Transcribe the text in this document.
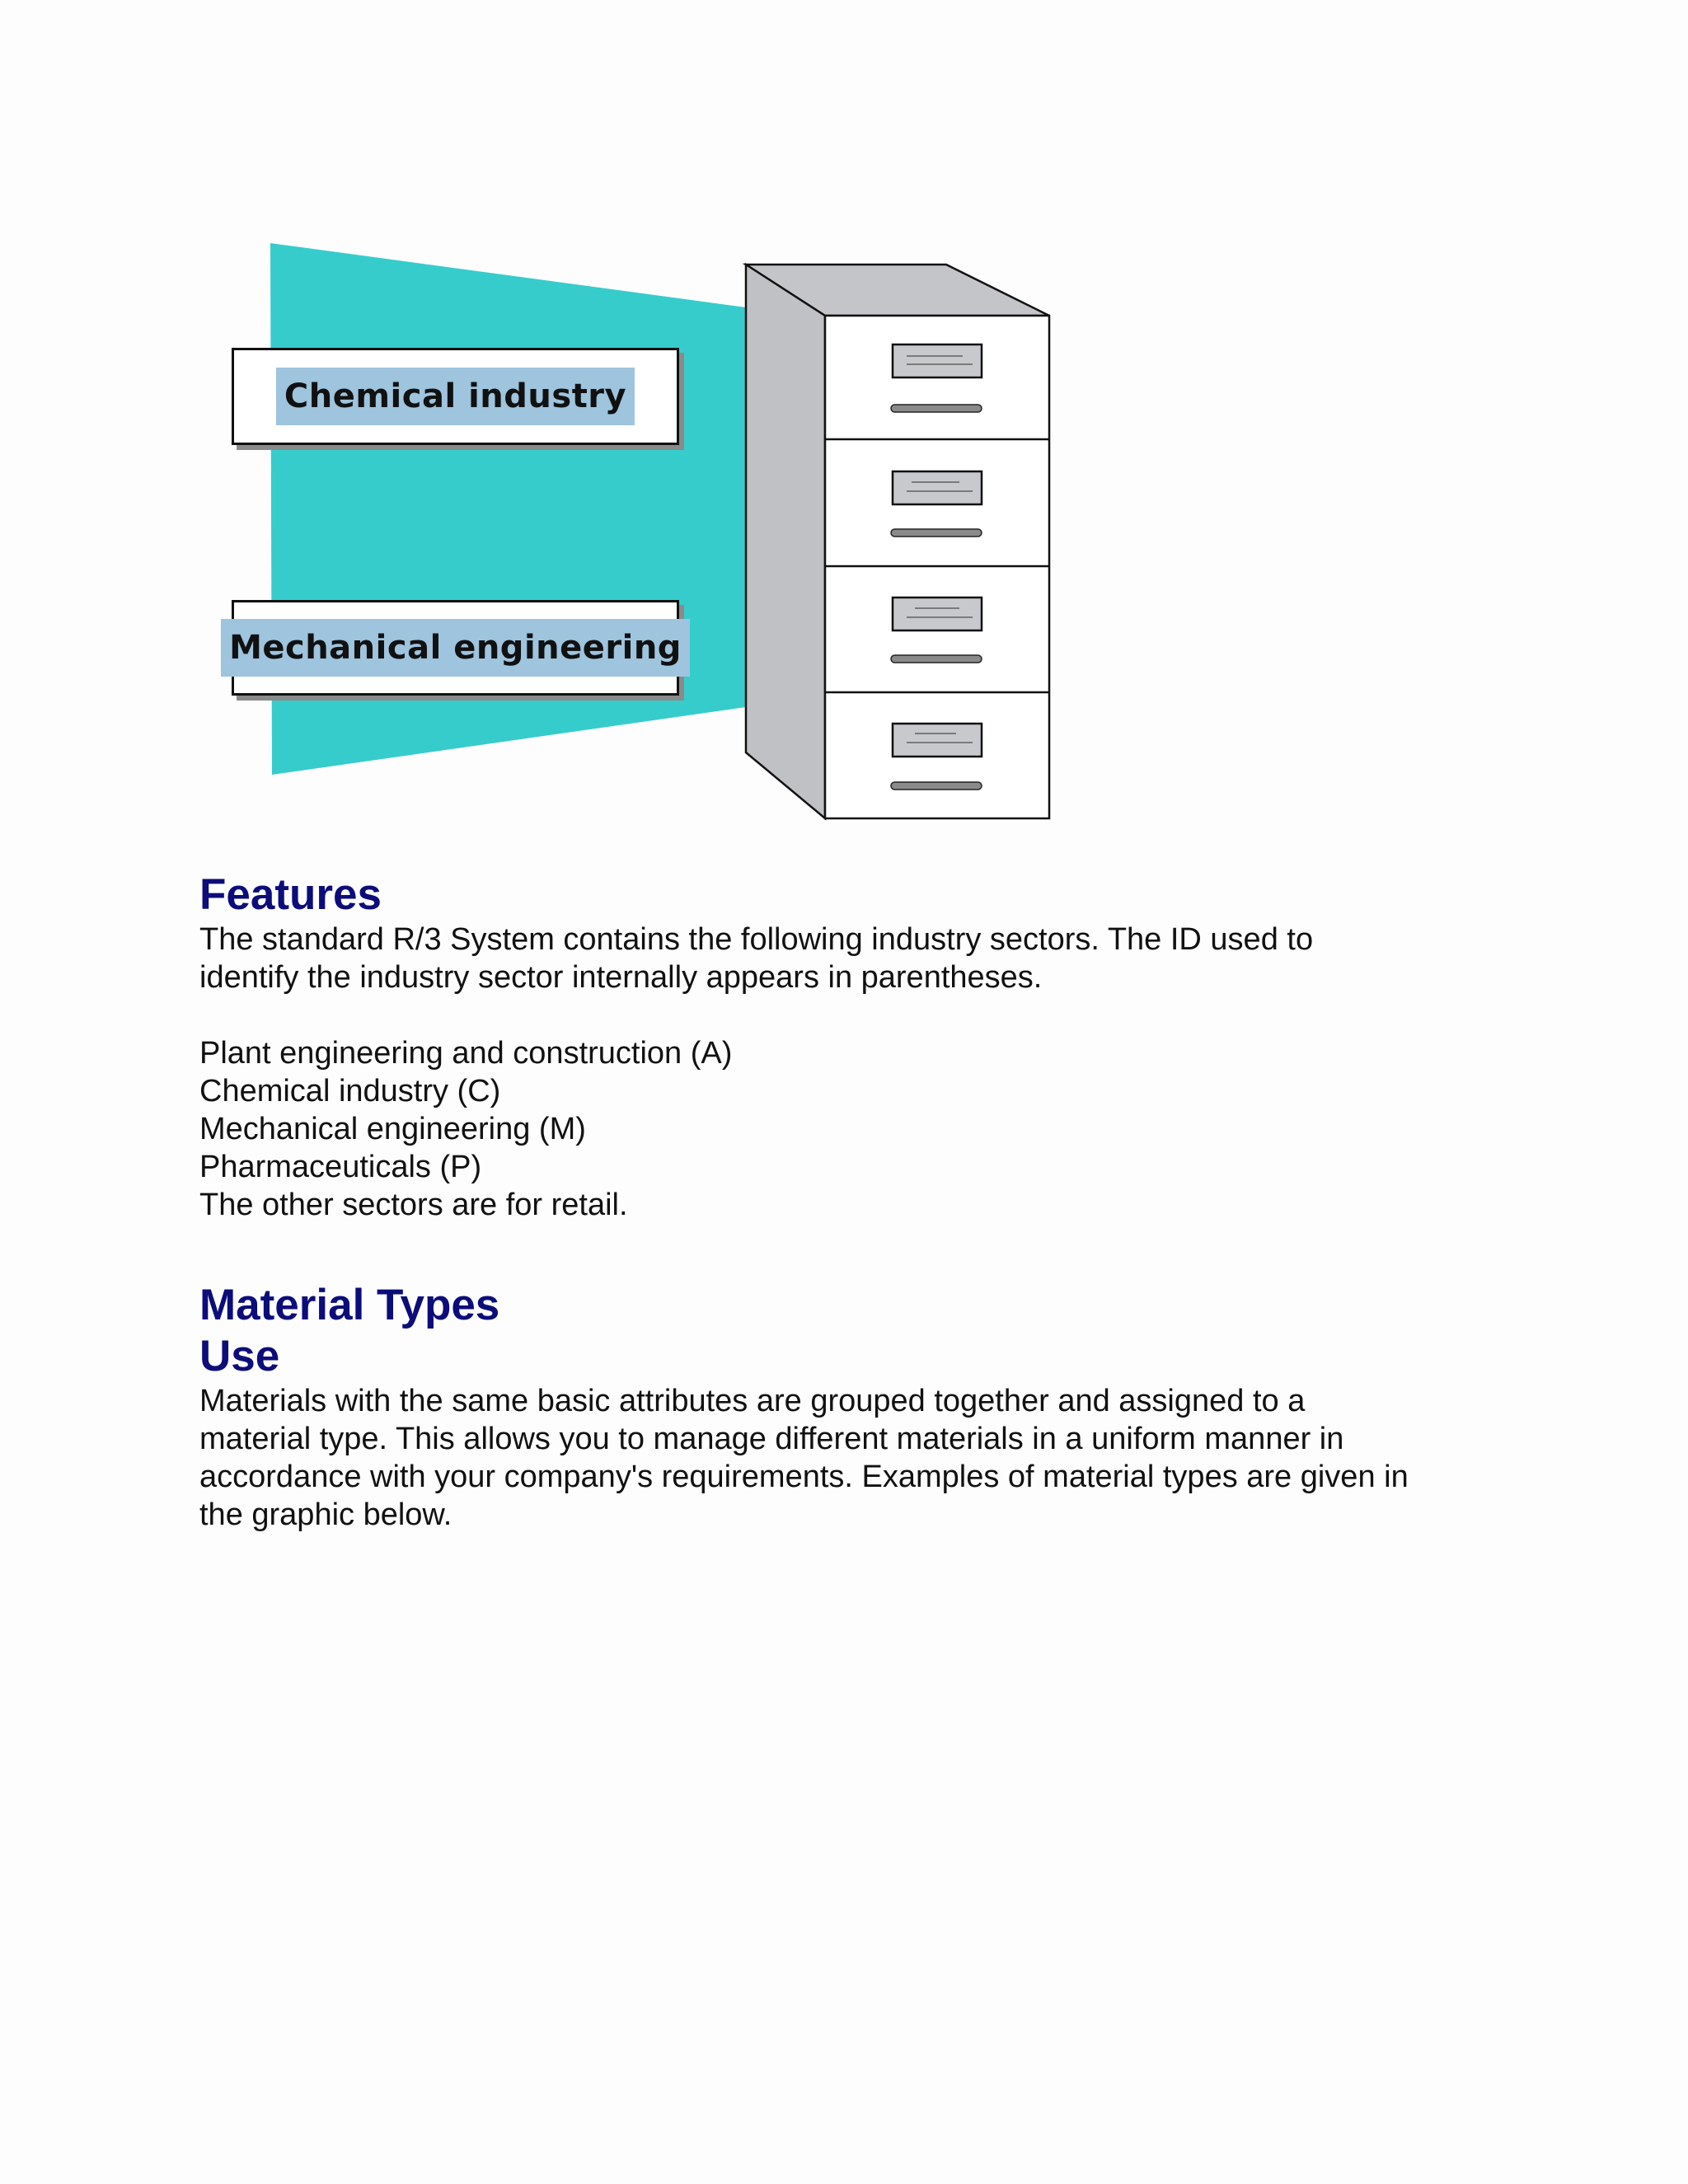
Chemical industry
Mechanical engineering
Features

The standard R/3 System contains the following industry sectors. The ID used to
identify the industry sector internally appears in parentheses.

Plant engineering and construction (A)
Chemical industry (C)
Mechanical engineering (M)
Pharmaceuticals (P)
The other sectors are for retail.
Material Types
Use

Materials with the same basic attributes are grouped together and assigned to a
material type. This allows you to manage different materials in a uniform manner in
accordance with your company's requirements. Examples of material types are given in
the graphic below.
